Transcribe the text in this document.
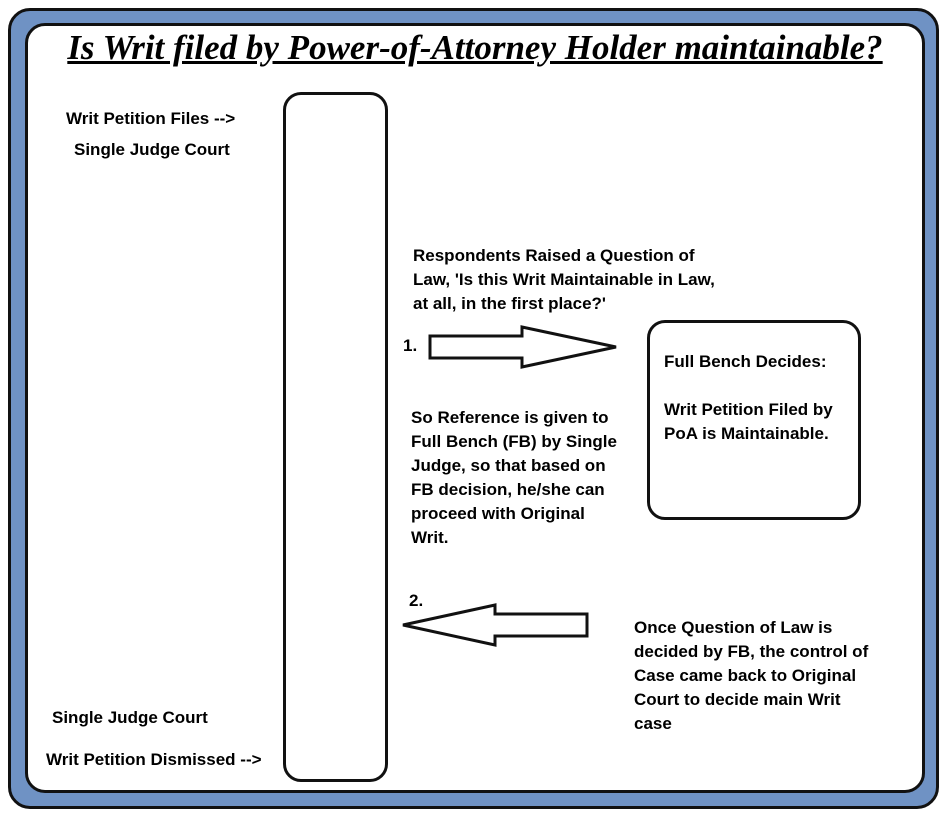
Is Writ filed by Power-of-Attorney Holder maintainable?
Writ Petition Files -->
Single Judge Court
Respondents Raised a Question of Law, 'Is this Writ Maintainable in Law, at all, in the first place?'
1.
Full Bench Decides:

Writ Petition Filed by PoA is Maintainable.
So Reference is given to Full Bench (FB) by Single Judge, so that based on FB decision, he/she can proceed with Original Writ.
2.
Once Question of Law is decided by FB, the control of Case came back to Original Court to decide main Writ case
Single Judge Court
Writ Petition Dismissed -->
